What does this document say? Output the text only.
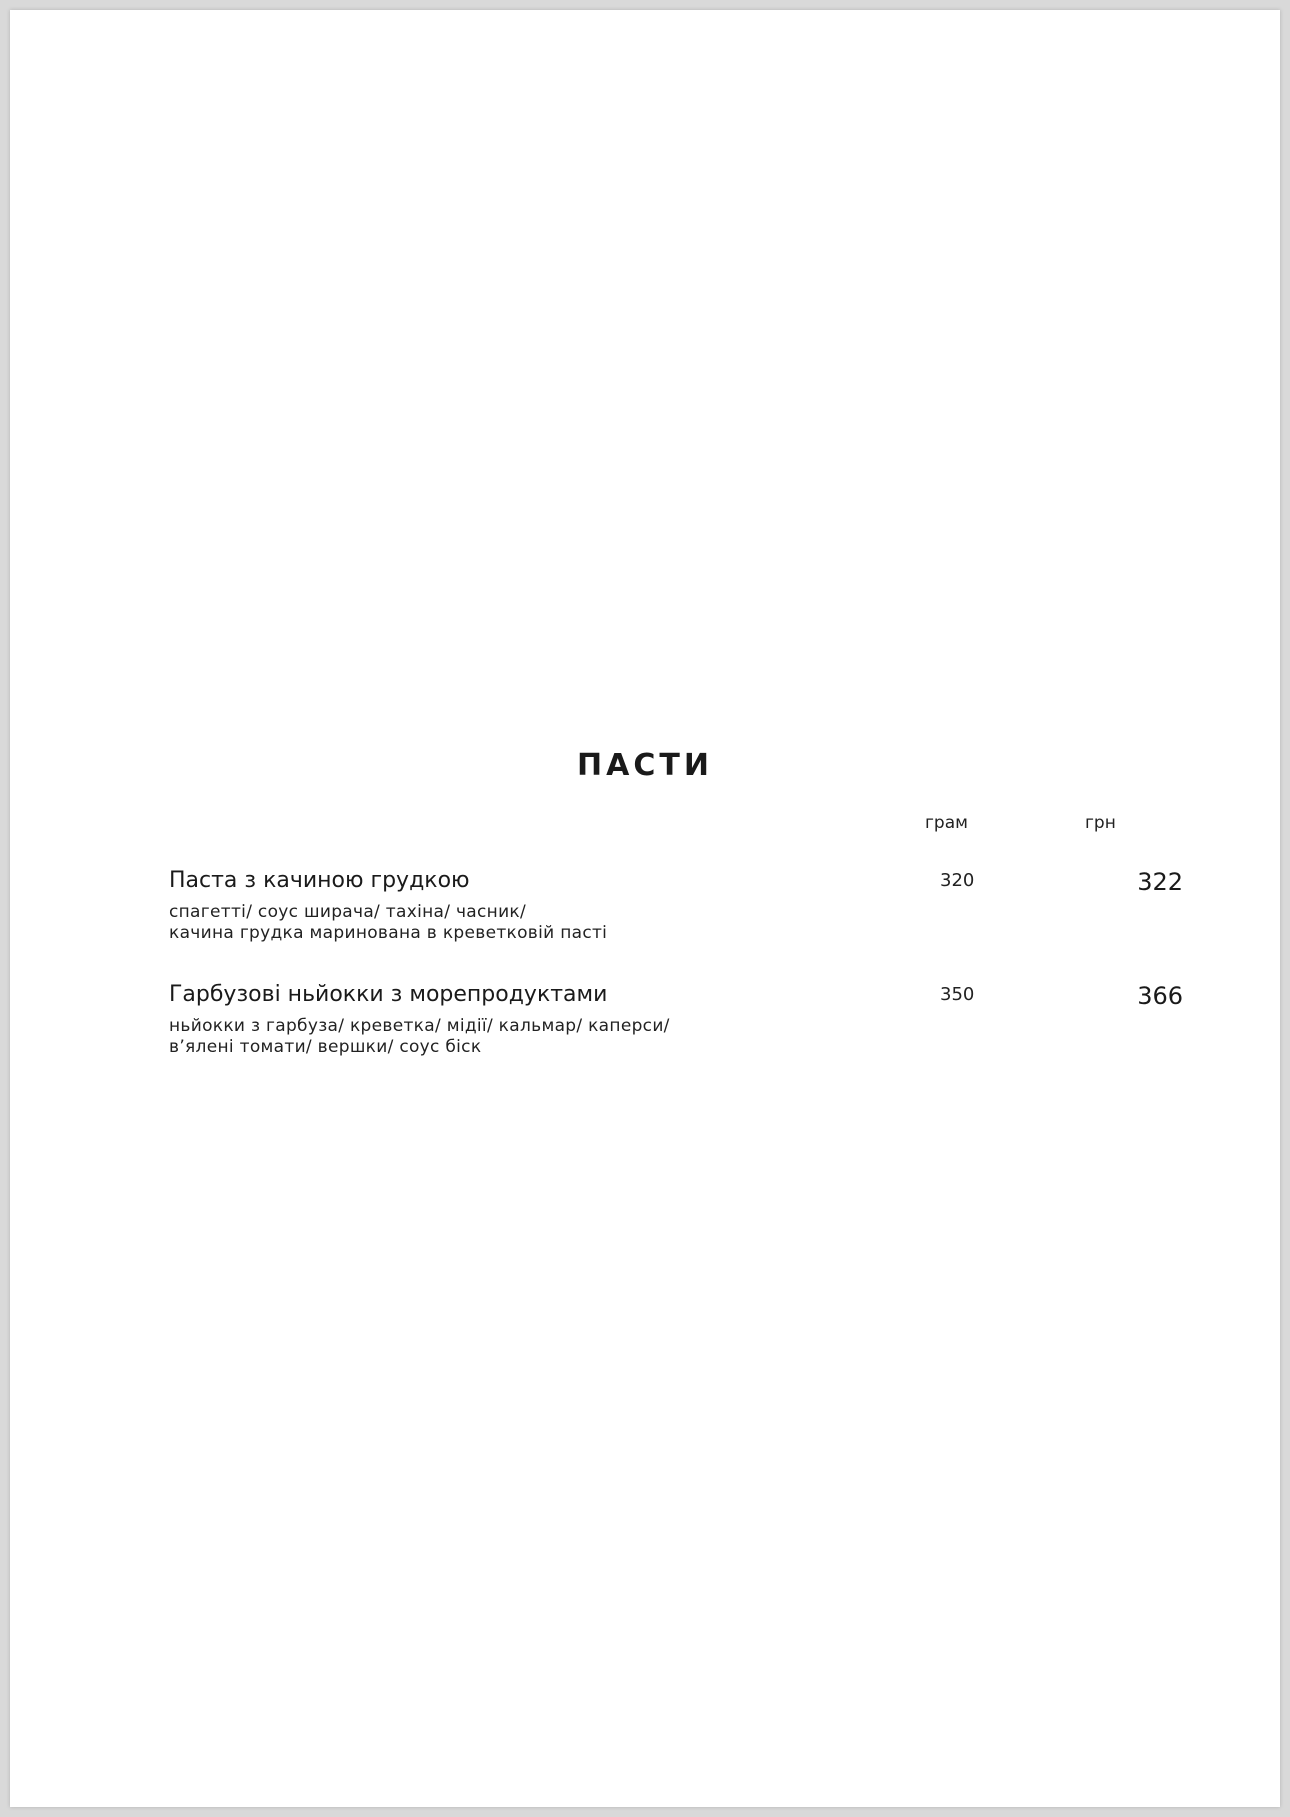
ПАСТИ
грам	грн
Паста з качиною грудкою
спагетті/ соус ширача/ тахіна/ часник/
качина грудка маринована в креветковій пасті
320	322
Гарбузові ньйокки з морепродуктами
ньйокки з гарбуза/ креветка/ мідії/ кальмар/ каперси/
в’ялені томати/ вершки/ соус біск
350	366
